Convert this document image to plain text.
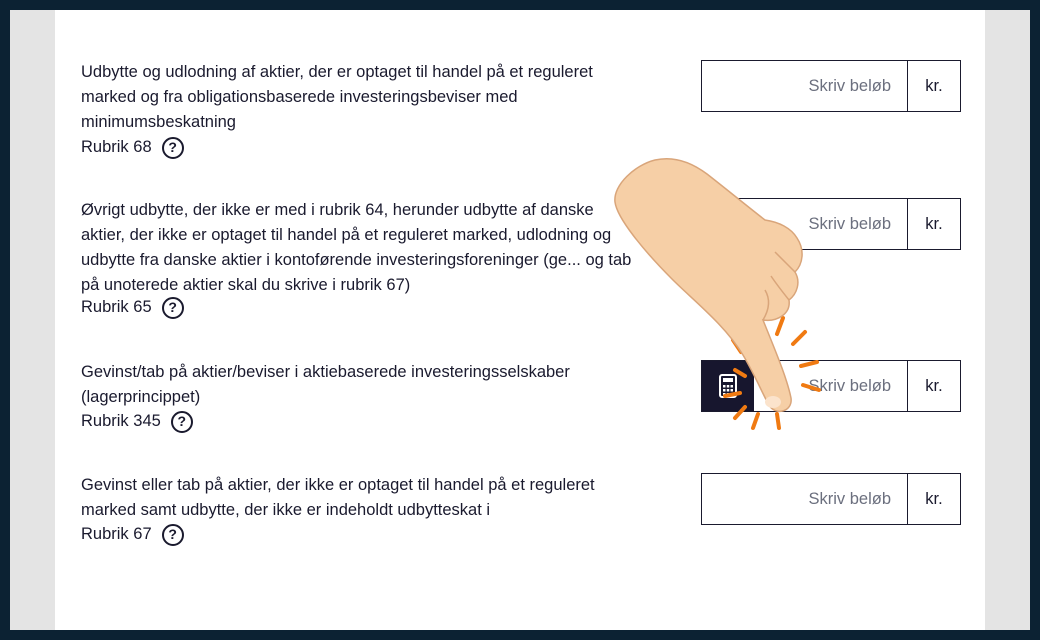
Udbytte og udlodning af aktier, der er optaget til handel på et reguleret marked og fra obligationsbaserede investeringsbeviser med minimumsbeskatning
Rubrik 68	?
Skriv beløb
kr.
Øvrigt udbytte, der ikke er med i rubrik 64, herunder udbytte af danske aktier, der ikke er optaget til handel på et reguleret marked, udlodning og udbytte fra danske aktier i kontoførende investeringsforeninger (ge... og tab på unoterede aktier skal du skrive i rubrik 67)
Rubrik 65	?
Skriv beløb
kr.
Gevinst/tab på aktier/beviser i aktiebaserede investeringsselskaber (lagerprincippet)
Rubrik 345	?
Skriv beløb
kr.
Gevinst eller tab på aktier, der ikke er optaget til handel på et reguleret marked samt udbytte, der ikke er indeholdt udbytteskat i
Rubrik 67	?
Skriv beløb
kr.
